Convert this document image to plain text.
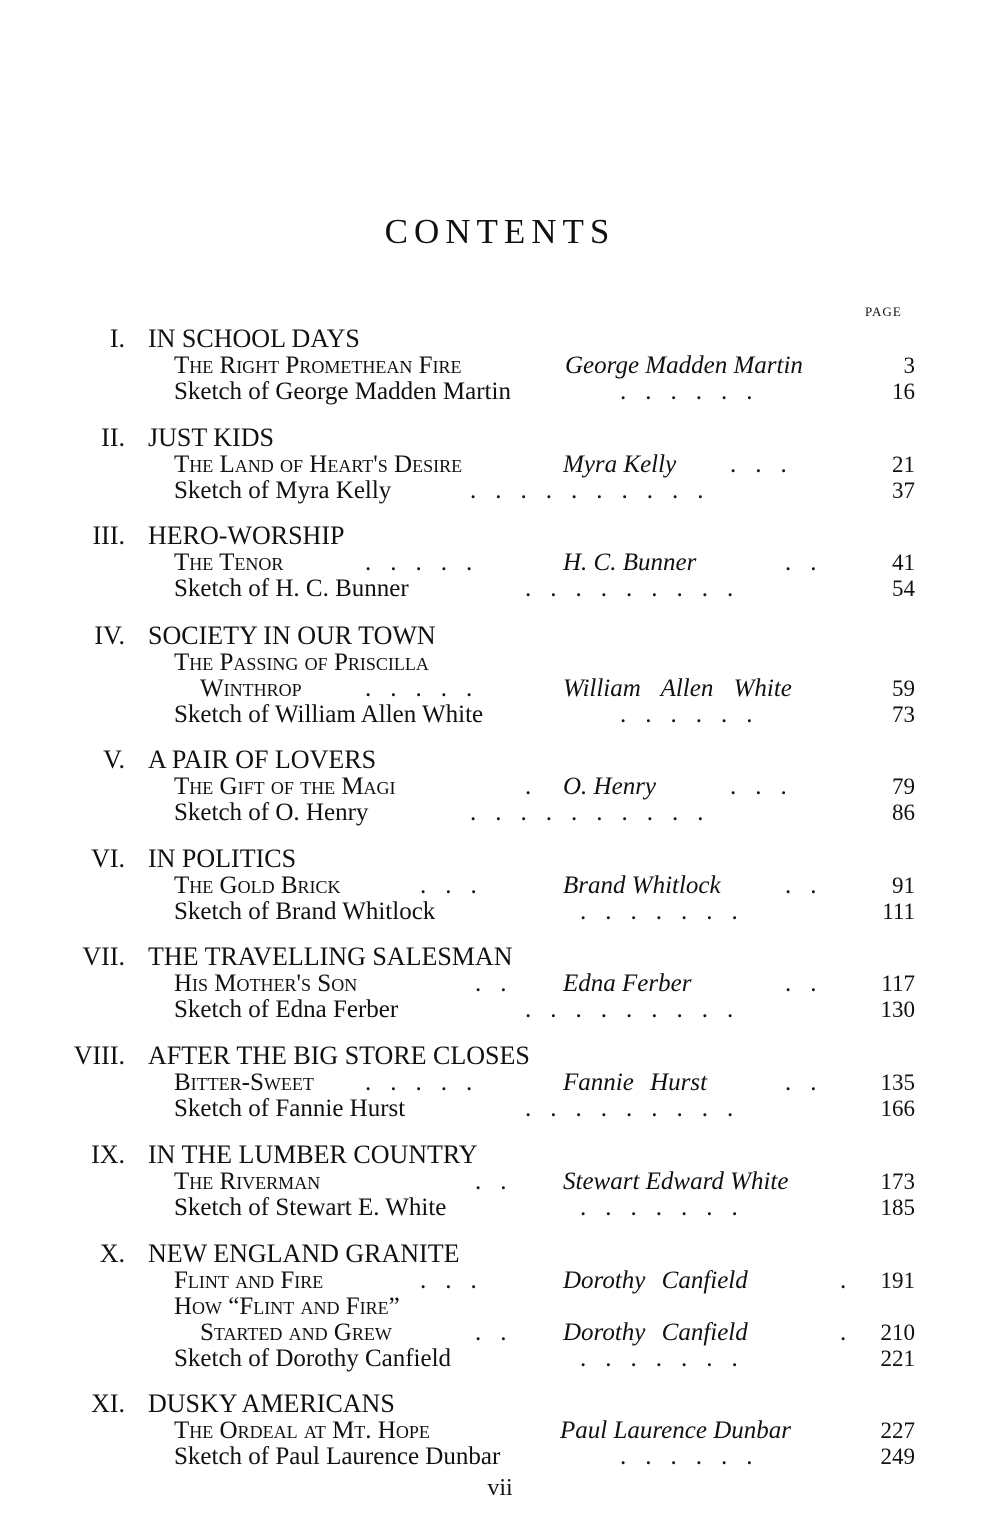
CONTENTS
PAGE
I. IN SCHOOL DAYS
The Right Promethean Fire	George Madden Martin	3
Sketch of George Madden Martin	......	16
II. JUST KIDS
The Land of Heart's Desire	Myra Kelly ...	21
Sketch of Myra Kelly	..........	37
III. HERO-WORSHIP
The Tenor	.....	H. C. Bunner	.. 41
Sketch of H. C. Bunner	.........	54
IV. SOCIETY IN OUR TOWN
The Passing of Priscilla
Winthrop	.....	William Allen White	59
Sketch of William Allen White	......	73
V. A PAIR OF LOVERS
The Gift of the Magi	. O. Henry	...	79
Sketch of O. Henry	..........	86
VI. IN POLITICS
The Gold Brick	...	Brand Whitlock	.. 91
Sketch of Brand Whitlock	.......	111
VII. THE TRAVELLING SALESMAN
His Mother's Son	.. Edna Ferber	.. 117
Sketch of Edna Ferber	.........	130
VIII. AFTER THE BIG STORE CLOSES
Bitter-Sweet .....	Fannie Hurst	.. 135
Sketch of Fannie Hurst	.........	166
IX. IN THE LUMBER COUNTRY
The Riverman	.. Stewart Edward White	173
Sketch of Stewart E. White	.......	185
X. NEW ENGLAND GRANITE
Flint and Fire	...	Dorothy Canfield	. 191
How “Flint and Fire”
Started and Grew	.. Dorothy Canfield	. 210
Sketch of Dorothy Canfield	.......	221
XI. DUSKY AMERICANS
The Ordeal at Mt. Hope	Paul Laurence Dunbar	227
Sketch of Paul Laurence Dunbar	......	249
vii
